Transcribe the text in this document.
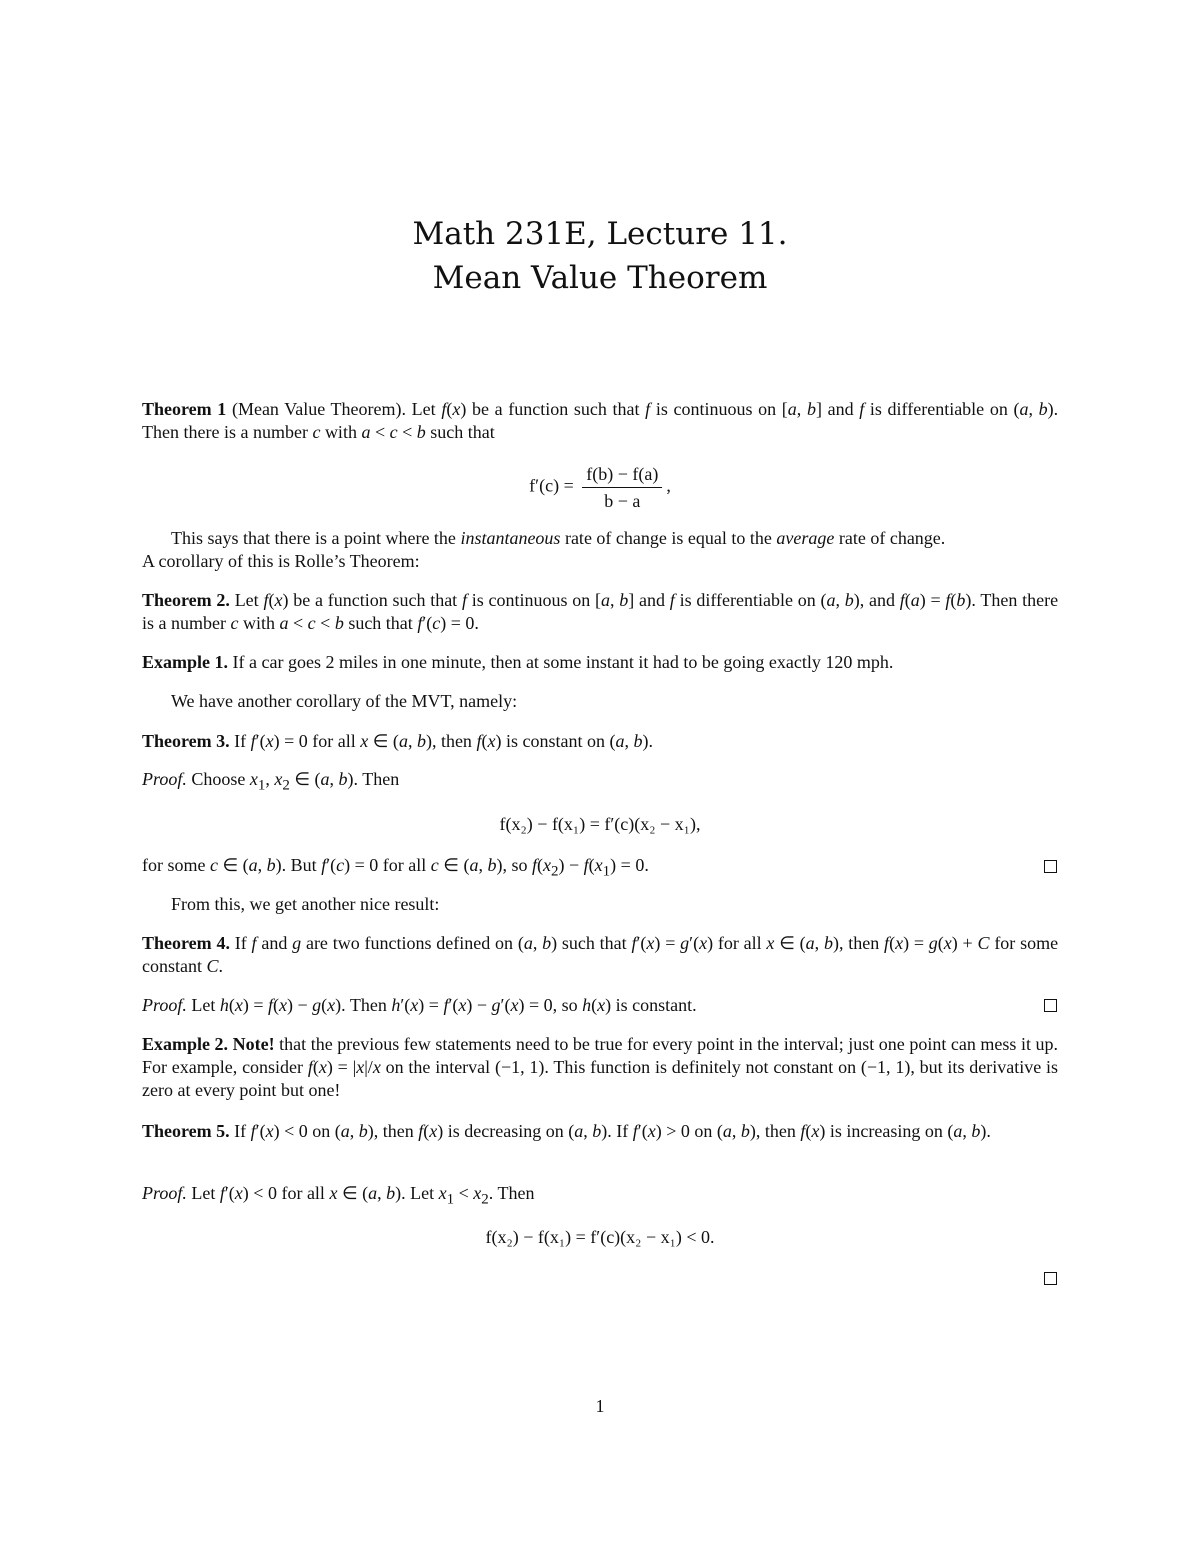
Math 231E, Lecture 11.
Mean Value Theorem
Theorem 1 (Mean Value Theorem). Let f(x) be a function such that f is continuous on [a, b] and f is differentiable on (a, b). Then there is a number c with a < c < b such that
$f'(c) = \frac{f(b) - f(a)}{b - a}$ ,
This says that there is a point where the instantaneous rate of change is equal to the average rate of change.
A corollary of this is Rolle’s Theorem:
Theorem 2. Let f(x) be a function such that f is continuous on [a, b] and f is differentiable on (a, b), and f(a) = f(b). Then there is a number c with a < c < b such that f′(c) = 0.
Example 1. If a car goes 2 miles in one minute, then at some instant it had to be going exactly 120 mph.
We have another corollary of the MVT, namely:
Theorem 3. If f′(x) = 0 for all x ∈ (a, b), then f(x) is constant on (a, b).
Proof. Choose $x_1$, $x_2$ ∈ (a, b). Then
f(x₂) − f(x₁) = f′(c)(x₂ − x₁),
for some c ∈ (a, b). But f′(c) = 0 for all c ∈ (a, b), so $f(x_2) - f(x_1) = 0$.
From this, we get another nice result:
Theorem 4. If f and g are two functions defined on (a, b) such that f′(x) = g′(x) for all x ∈ (a, b), then f(x) = g(x) + C for some constant C.
Proof. Let h(x) = f(x) − g(x). Then h′(x) = f′(x) − g′(x) = 0, so h(x) is constant.
Example 2. Note! that the previous few statements need to be true for every point in the interval; just one point can mess it up. For example, consider f(x) = |x|/x on the interval (−1, 1). This function is definitely not constant on (−1, 1), but its derivative is zero at every point but one!
Theorem 5. If f′(x) < 0 on (a, b), then f(x) is decreasing on (a, b). If f′(x) > 0 on (a, b), then f(x) is increasing on (a, b).
Proof. Let f′(x) < 0 for all x ∈ (a, b). Let $x_1 < x_2$. Then
f(x₂) − f(x₁) = f′(c)(x₂ − x₁) < 0.
1
